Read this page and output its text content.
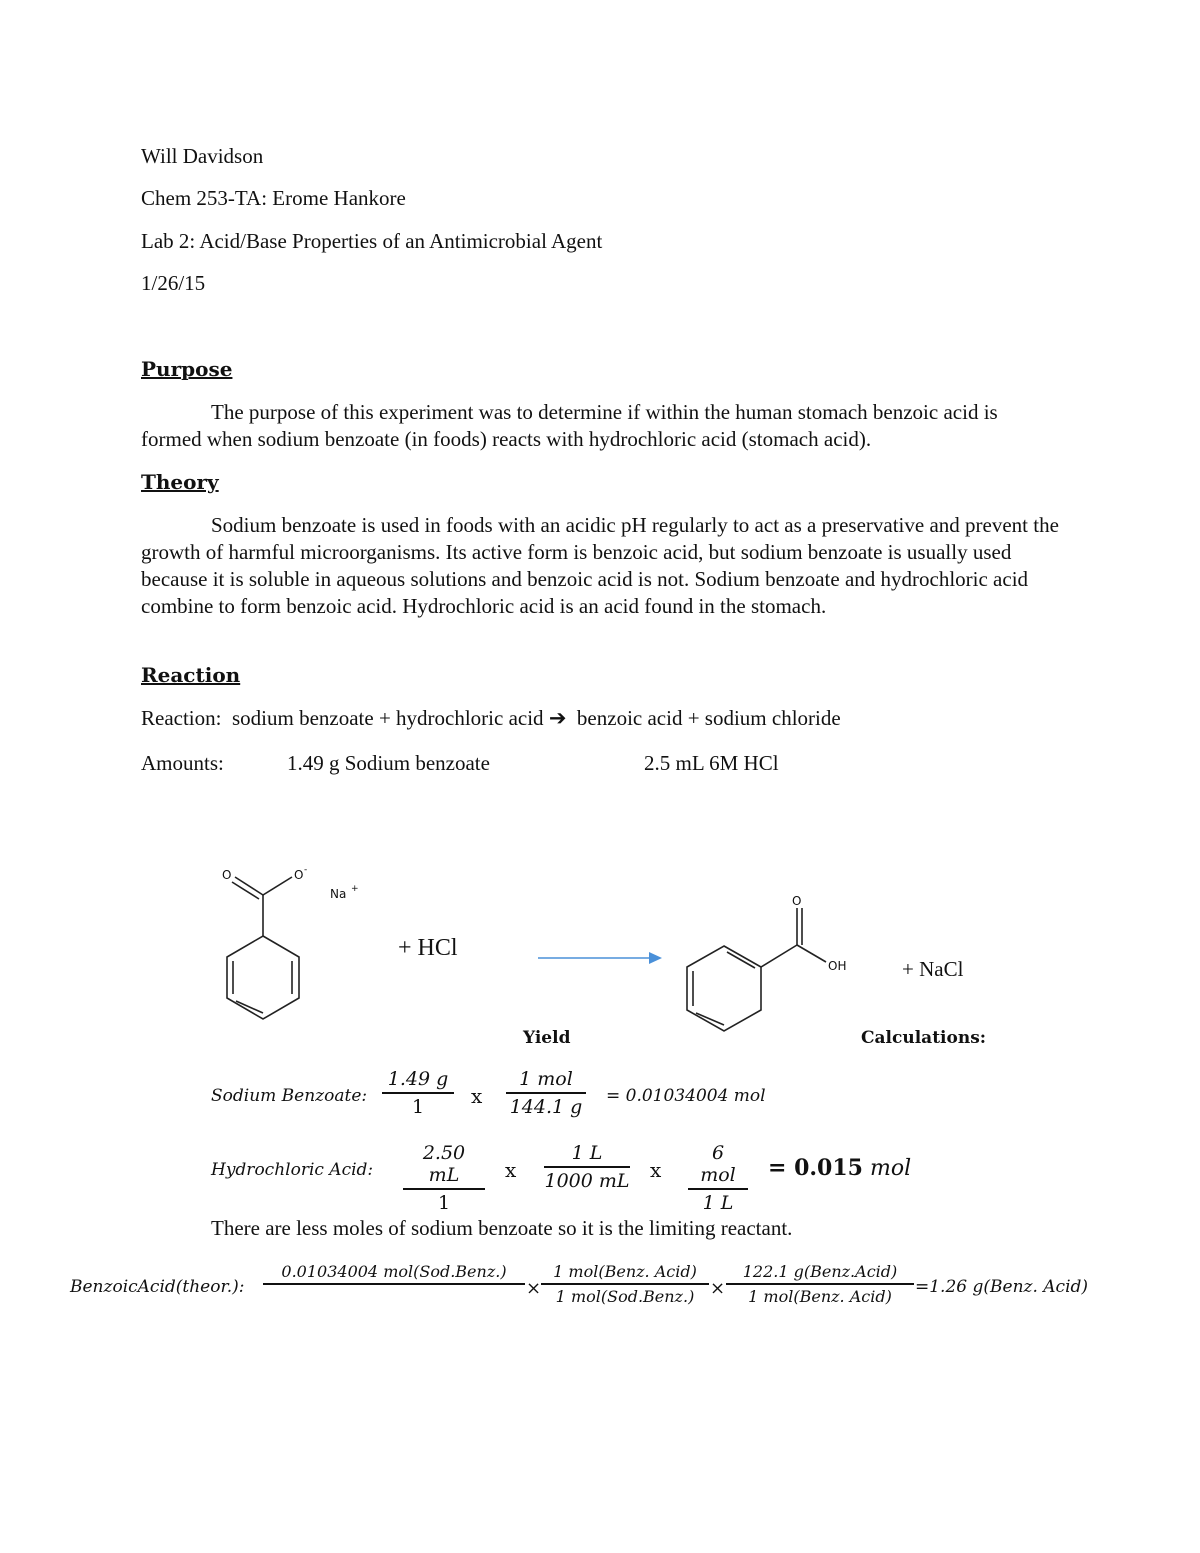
Will Davidson
Chem 253-TA: Erome Hankore
Lab 2: Acid/Base Properties of an Antimicrobial Agent
1/26/15
Purpose
The purpose of this experiment was to determine if within the human stomach benzoic acid is formed when sodium benzoate (in foods) reacts with hydrochloric acid (stomach acid).
Theory
Sodium benzoate is used in foods with an acidic pH regularly to act as a preservative and prevent the growth of harmful microorganisms. Its active form is benzoic acid, but sodium benzoate is usually used because it is soluble in aqueous solutions and benzoic acid is not. Sodium benzoate and hydrochloric acid combine to form benzoic acid. Hydrochloric acid is an acid found in the stomach.
Reaction
Reaction: sodium benzoate + hydrochloric acid ➔ benzoic acid + sodium chloride
Amounts:	1.49 g Sodium benzoate	2.5 mL 6M HCl
O	O -
Na +
+ HCl
O
OH	+ NaCl
Yield	Calculations:
Sodium Benzoate: $\frac{1.49 g}{1}$ x
1 mol
144.1 g = 0.01034004 mol
Hydrochloric Acid: $\frac{2.50 mL}{1}$ x $\frac{1 L}{1000 mL}$ x
6 mol
1 L
= 0.015 mol
There are less moles of sodium benzoate so it is the limiting reactant.
BenzoicAcid(theor.):
0.01034004 mol(Sod.Benz.)

×
1 mol(Benz. Acid)
1 mol(Sod.Benz.) ×
122.1 g(Benz.Acid)
1 mol(Benz. Acid)	=1.26 g(Benz. Acid)
